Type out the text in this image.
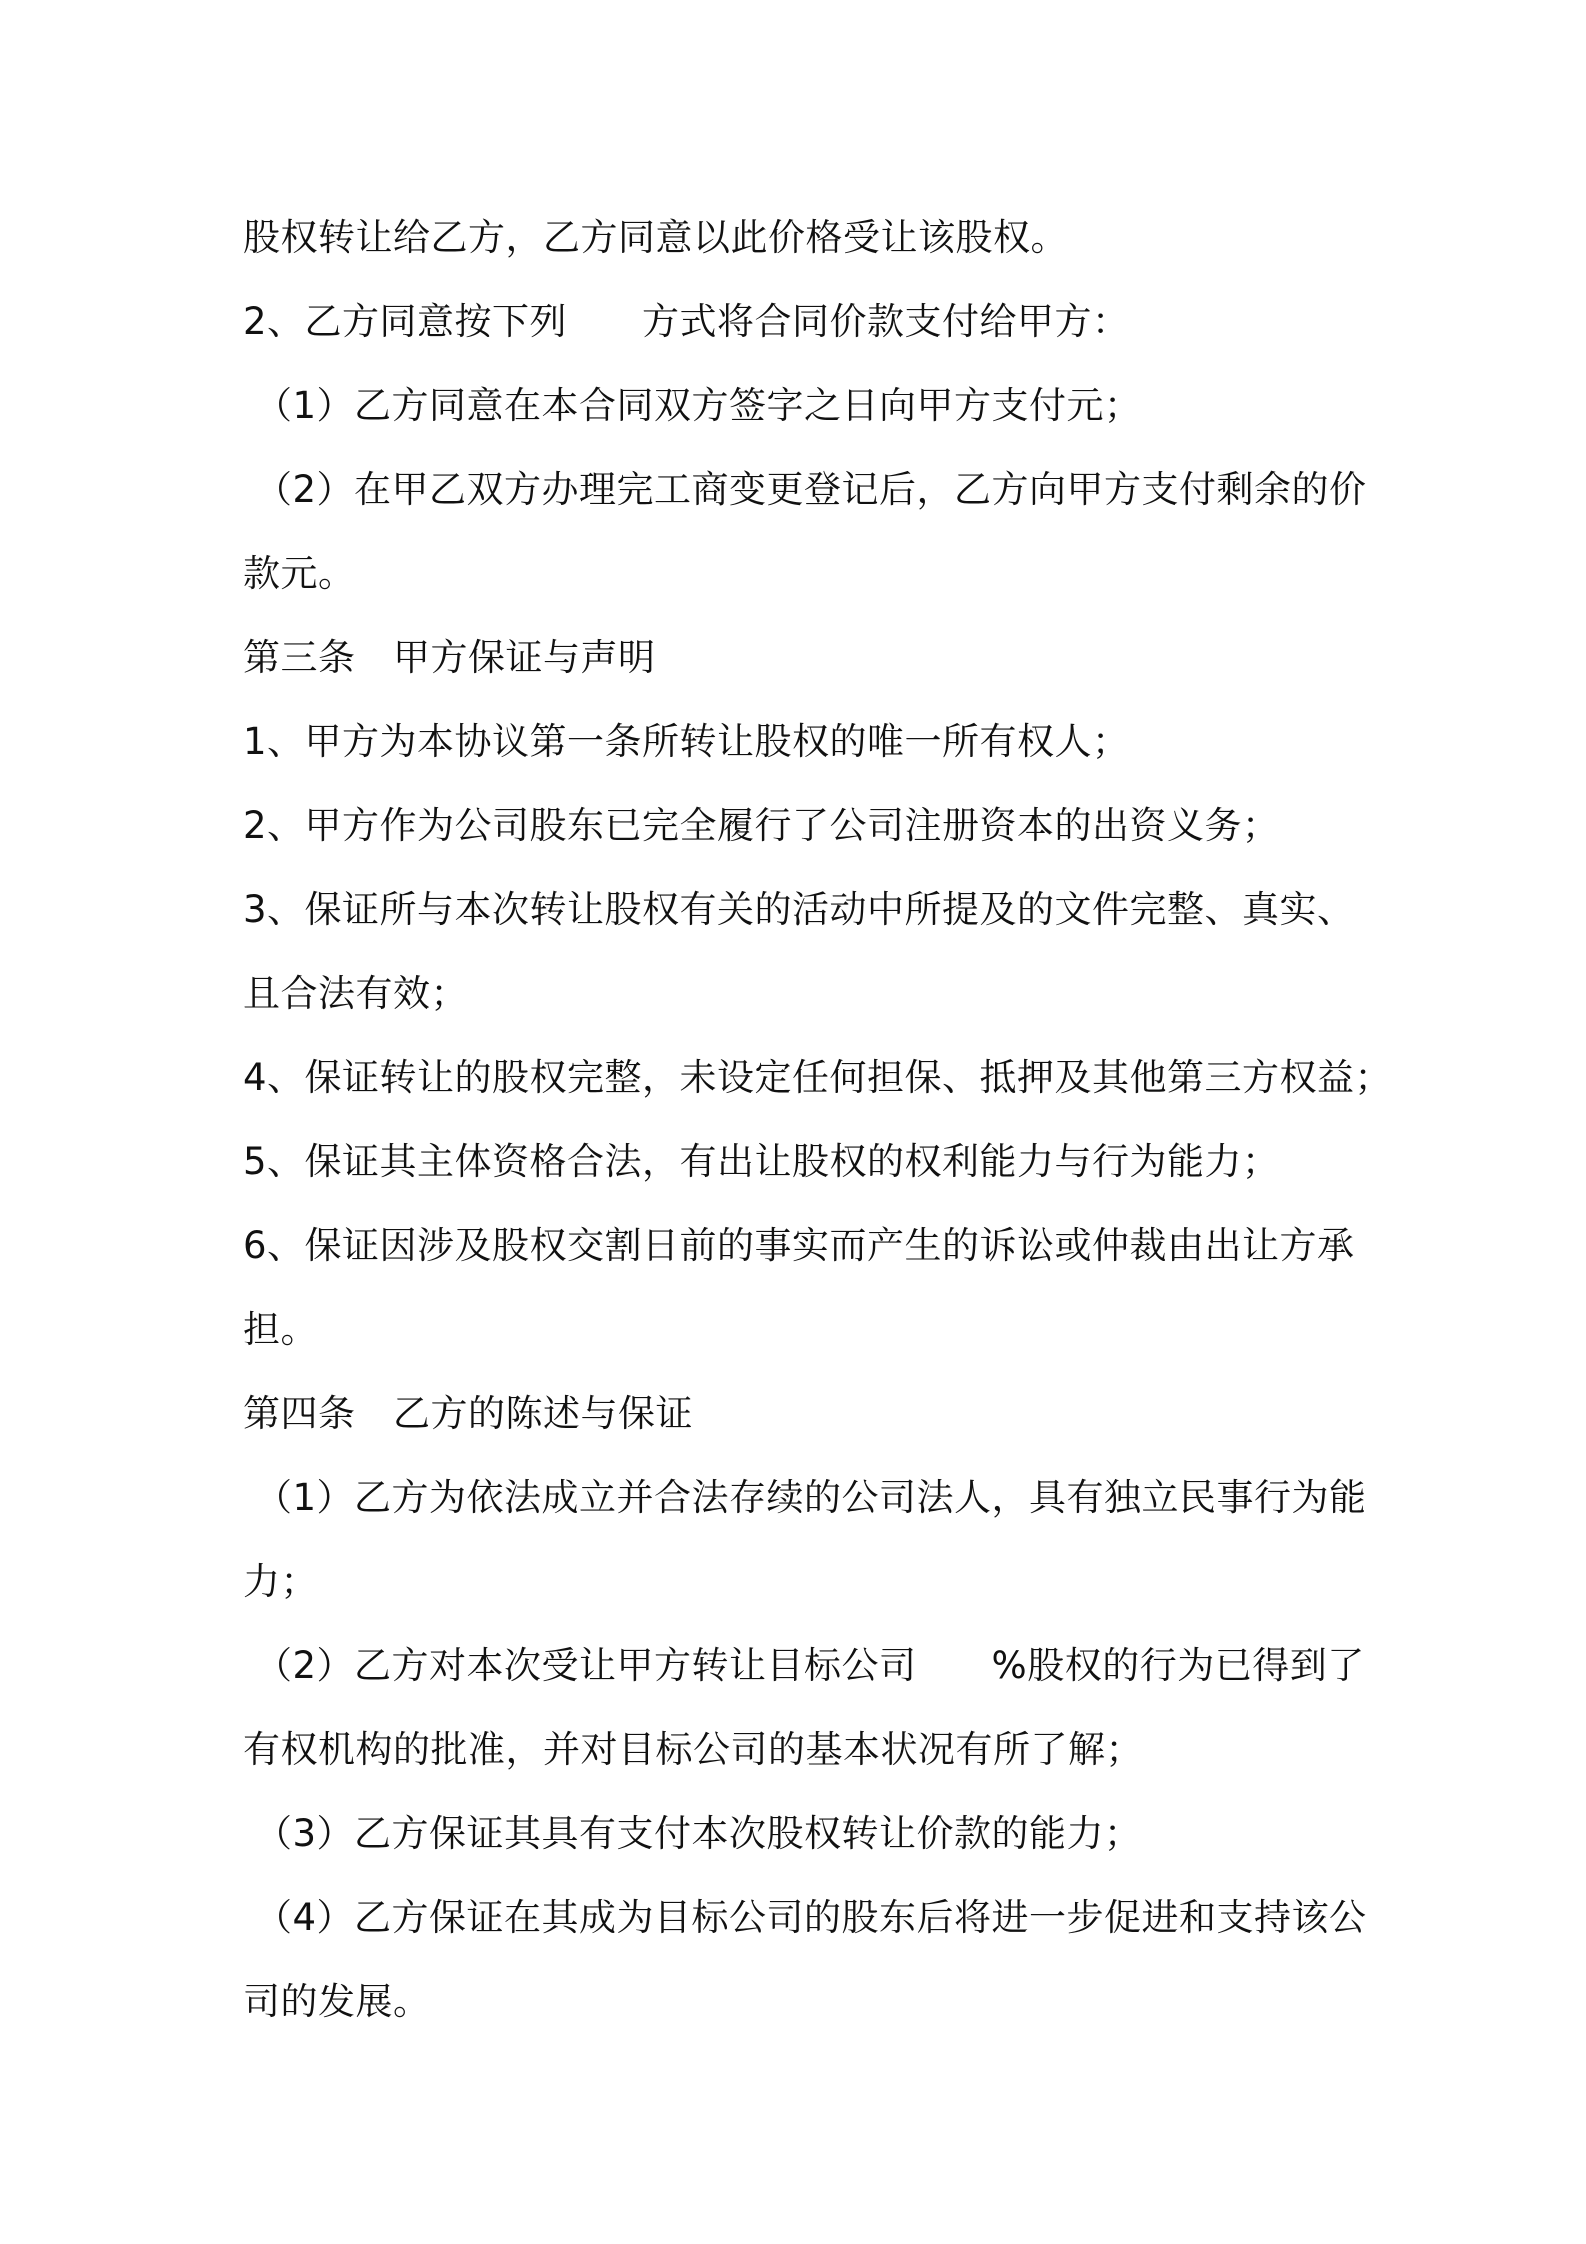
股权转让给乙方，乙方同意以此价格受让该股权。
2、乙方同意按下列　　方式将合同价款支付给甲方：
（1）乙方同意在本合同双方签字之日向甲方支付元；
（2）在甲乙双方办理完工商变更登记后，乙方向甲方支付剩余的价
款元。
第三条　甲方保证与声明
1、甲方为本协议第一条所转让股权的唯一所有权人；
2、甲方作为公司股东已完全履行了公司注册资本的出资义务；
3、保证所与本次转让股权有关的活动中所提及的文件完整、真实、
且合法有效；
4、保证转让的股权完整，未设定任何担保、抵押及其他第三方权益；
5、保证其主体资格合法，有出让股权的权利能力与行为能力；
6、保证因涉及股权交割日前的事实而产生的诉讼或仲裁由出让方承
担。
第四条　乙方的陈述与保证
（1）乙方为依法成立并合法存续的公司法人，具有独立民事行为能
力；
（2）乙方对本次受让甲方转让目标公司　　%股权的行为已得到了
有权机构的批准，并对目标公司的基本状况有所了解；
（3）乙方保证其具有支付本次股权转让价款的能力；
（4）乙方保证在其成为目标公司的股东后将进一步促进和支持该公
司的发展。
